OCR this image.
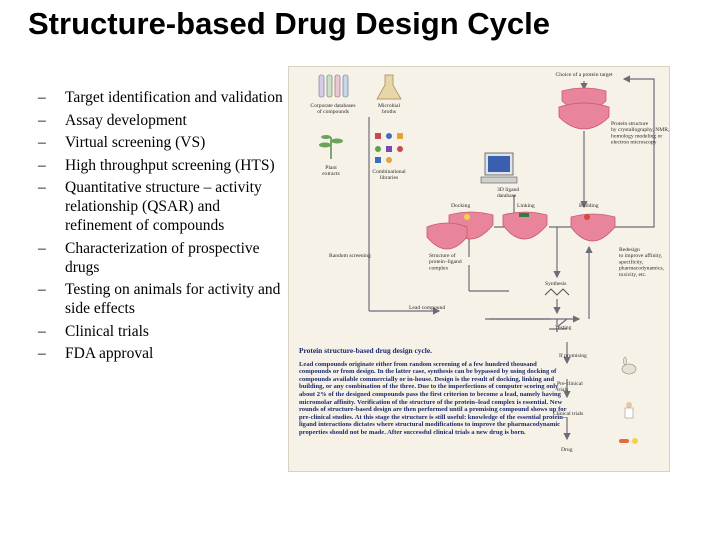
Structure-based Drug Design Cycle
– Target identification and validation
– Assay development
– Virtual screening (VS)
– High throughput screening (HTS)
– Quantitative structure – activity relationship (QSAR) and refinement of compounds
– Characterization of prospective drugs
– Testing on animals for activity and side effects
– Clinical trials
– FDA approval
Choice of a protein target
Protein structure by crystallography, NMR, homology modeling or electron microscopy
Corporate databases of compounds
Microbial broths
Plant extracts	Combinational libraries
3D ligand database
Docking	Linking	Building
Redesign to improve affinity, specificity, pharmacodynamics, toxicity, etc.
Random screening	Structure of protein–ligand complex
Synthesis
Lead compound
Testing
If promising
Pre-clinical trials
Clinical trials
Drug
Protein structure-based drug design cycle.
Lead compounds originate either from random screening of a few hundred thousand compounds or from design. In the latter case, synthesis can be bypassed by using docking of compounds available commercially or in-house. Design is the result of docking, linking and building, or any combination of the three. Due to the imperfections of computer scoring only about 2% of the designed compounds pass the first criterion to become a lead, namely having micromolar affinity. Verification of the structure of the protein–lead complex is essential. New rounds of structure-based design are then performed until a promising compound shows up for pre-clinical studies. At this stage the structure is still useful: knowledge of the essential protein–ligand interactions dictates where structural modifications to improve the pharmacodynamic properties should not be made. After successful clinical trials a new drug is born.
